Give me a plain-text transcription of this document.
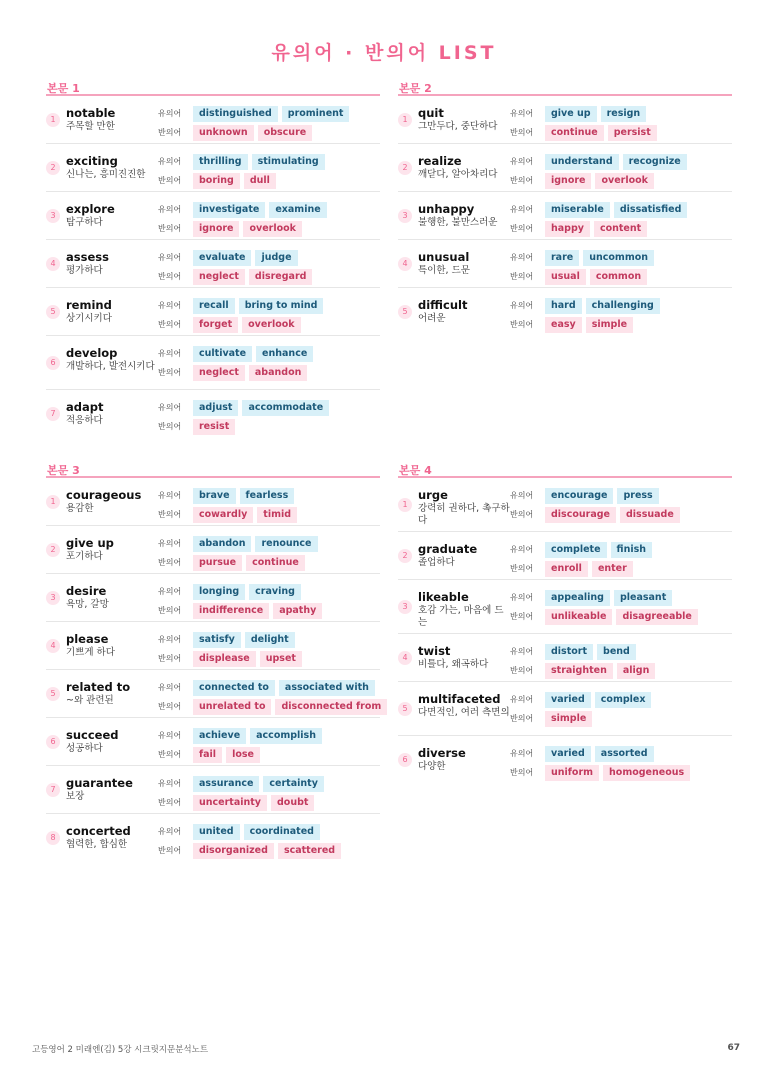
유의어 · 반의어 LIST
본문 1
1 notable
주목할 만한
유의어	distinguished	prominent
반의어	unknown	obscure
2 exciting
신나는, 흥미진진한
유의어	thrilling	stimulating
반의어	boring	dull
3 explore
탐구하다
유의어	investigate	examine
반의어	ignore	overlook
4 assess
평가하다
유의어	evaluate	judge
반의어	neglect	disregard
5 remind
상기시키다
유의어	recall	bring to mind
반의어	forget	overlook
6
develop
개발하다, 발전시키다
유의어	cultivate	enhance
반의어	neglect	abandon
7 adapt
적응하다
유의어	adjust	accommodate
반의어	resist
본문 2
1 quit
그만두다, 중단하다
유의어	give up	resign
반의어	continue	persist
2 realize
깨닫다, 알아차리다
유의어	understand	recognize
반의어	ignore	overlook
3 unhappy
불행한, 불만스러운
유의어	miserable	dissatisfied
반의어	happy	content
4 unusual
특이한, 드문
유의어	rare	uncommon
반의어	usual	common
5 difficult
어려운
유의어	hard	challenging
반의어	easy	simple
본문 3
1 courageous
용감한
유의어	brave	fearless
반의어	cowardly	timid
2 give up
포기하다
유의어	abandon	renounce
반의어	pursue	continue
3 desire
욕망, 갈망
유의어	longing	craving
반의어	indifference	apathy
4 please
기쁘게 하다
유의어	satisfy	delight
반의어	displease	upset
5 related to
~와 관련된
유의어	connected to	associated with
반의어	unrelated to	disconnected from
6 succeed
성공하다
유의어	achieve	accomplish
반의어	fail	lose
7 guarantee
보장
유의어	assurance	certainty
반의어	uncertainty	doubt
8 concerted
협력한, 합심한
유의어	united	coordinated
반의어	disorganized	scattered
본문 4
1
urge
강력히 권하다, 촉구하다
유의어	encourage	press
반의어	discourage	dissuade
2 graduate
졸업하다
유의어	complete	finish
반의어	enroll	enter
3
likeable
호감 가는, 마음에 드는
유의어	appealing	pleasant
반의어	unlikeable	disagreeable
4 twist
비틀다, 왜곡하다
유의어	distort	bend
반의어	straighten	align
5
multifaceted
다면적인, 여러 측면의
유의어	varied	complex
반의어	simple
6 diverse
다양한
유의어	varied	assorted
반의어	uniform	homogeneous
고등영어 2 미래엔(김) 5강 시크릿지문분석노트	67
